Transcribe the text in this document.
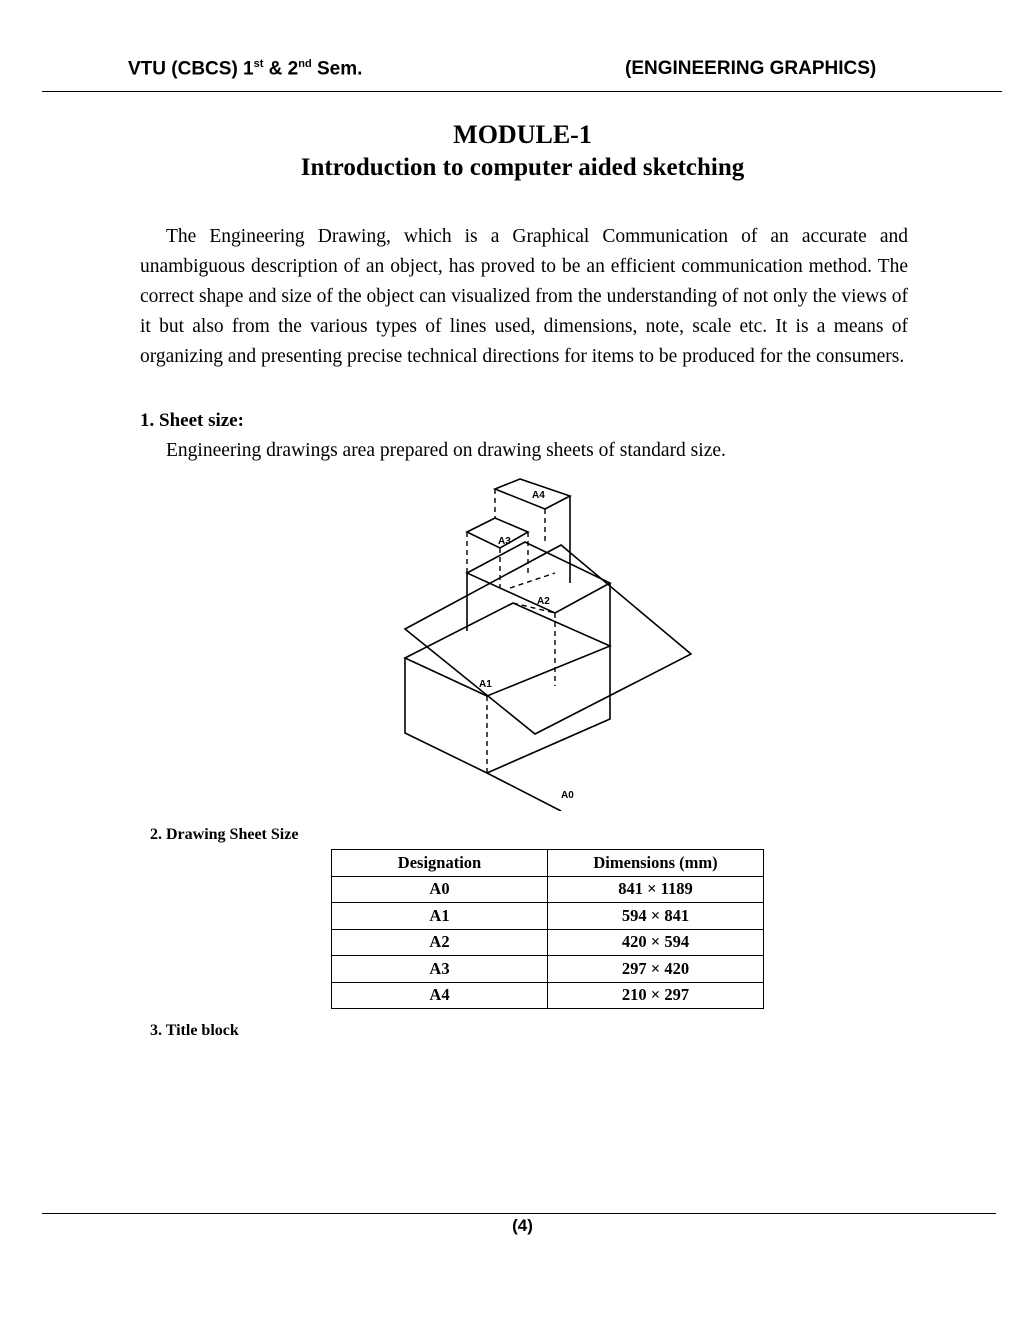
VTU (CBCS) 1st & 2nd Sem.	(ENGINEERING GRAPHICS)
MODULE-1
Introduction to computer aided sketching

The Engineering Drawing, which is a Graphical Communication of an accurate and unambiguous description of an object, has proved to be an efficient communication method. The correct shape and size of the object can visualized from the understanding of not only the views of it but also from the various types of lines used, dimensions, note, scale etc. It is a means of organizing and presenting precise technical directions for items to be produced for the consumers.

1. Sheet size:
Engineering drawings area prepared on drawing sheets of standard size.
A4
A3
A2
A1
A0
2. Drawing Sheet Size
Designation	Dimensions (mm)
A0	841 × 1189
A1	594 × 841
A2	420 × 594
A3	297 × 420
A4	210 × 297
3. Title block
(4)
